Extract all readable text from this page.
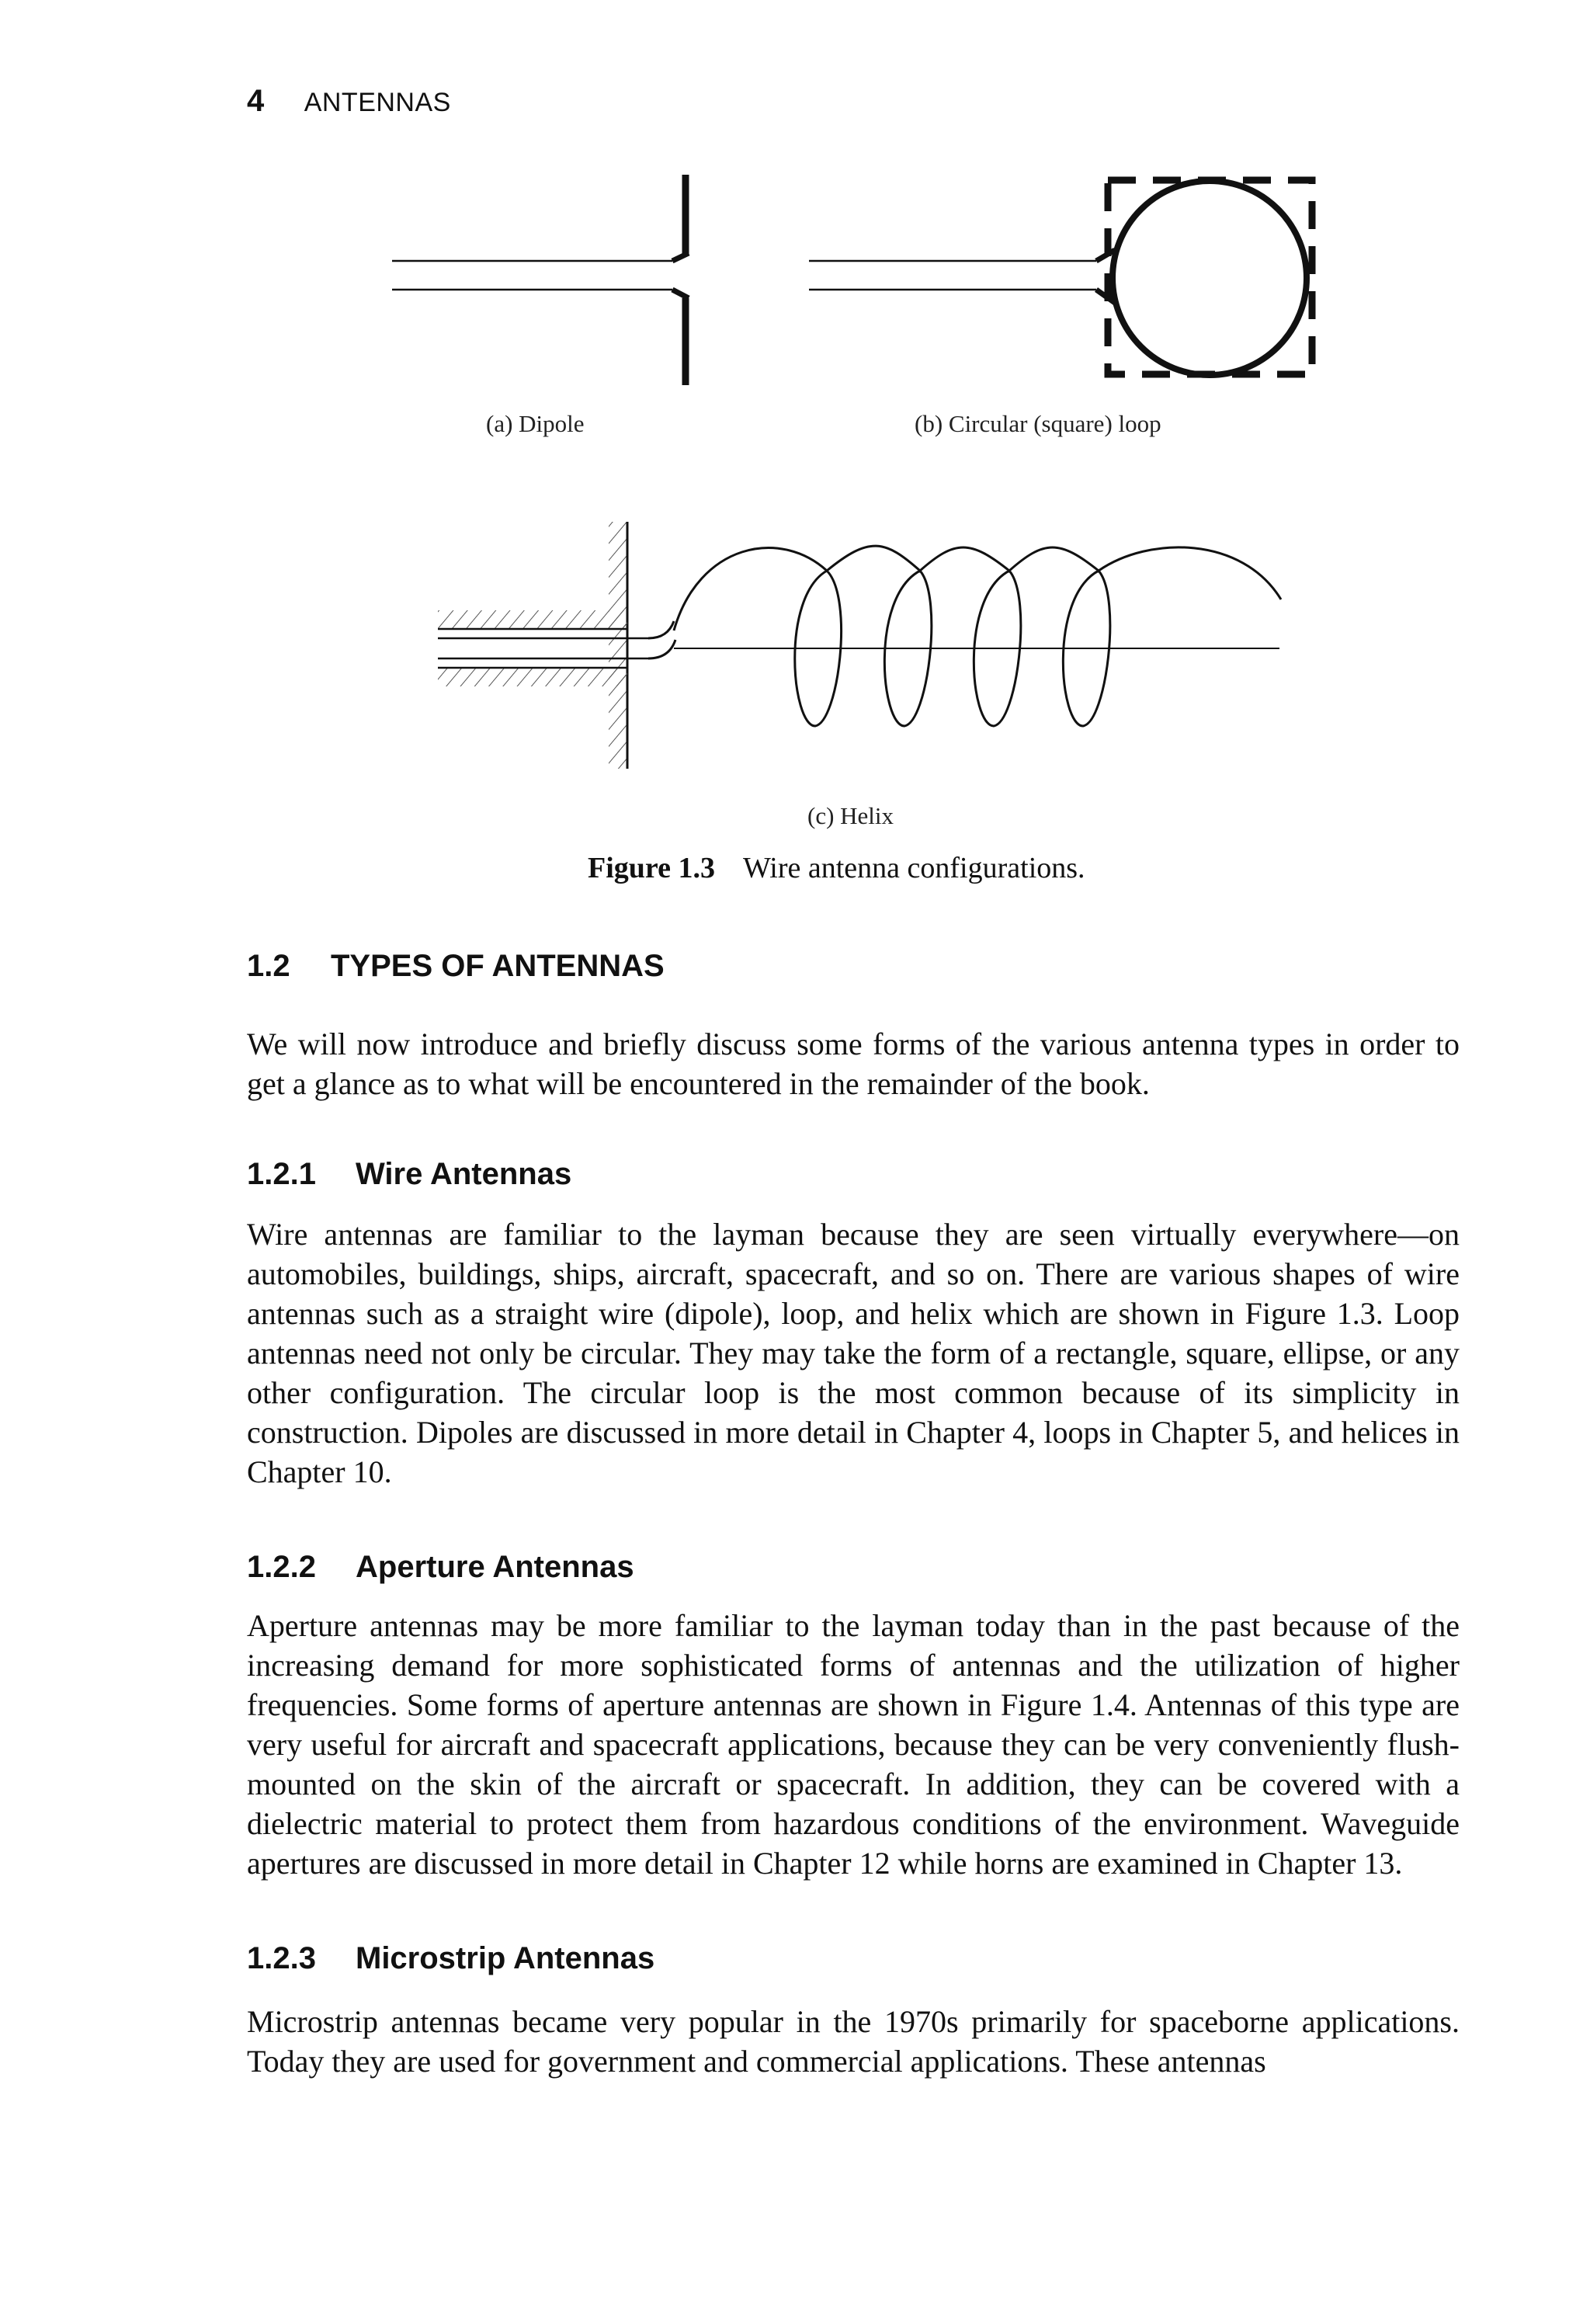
4 ANTENNAS
(a) Dipole	(b) Circular (square) loop
(c) Helix
Figure 1.3 Wire antenna configurations.
1.2 TYPES OF ANTENNAS

We will now introduce and briefly discuss some forms of the various antenna types in order to get a glance as to what will be encountered in the remainder of the book.

1.2.1 Wire Antennas

Wire antennas are familiar to the layman because they are seen virtually everywhere—on automobiles, buildings, ships, aircraft, spacecraft, and so on. There are various shapes of wire antennas such as a straight wire (dipole), loop, and helix which are shown in Figure 1.3. Loop antennas need not only be circular. They may take the form of a rectangle, square, ellipse, or any other configuration. The circular loop is the most common because of its simplicity in construction. Dipoles are discussed in more detail in Chapter 4, loops in Chapter 5, and helices in Chapter 10.

1.2.2 Aperture Antennas

Aperture antennas may be more familiar to the layman today than in the past because of the increasing demand for more sophisticated forms of antennas and the utilization of higher frequencies. Some forms of aperture antennas are shown in Figure 1.4. Antennas of this type are very useful for aircraft and spacecraft applications, because they can be very conveniently flush-mounted on the skin of the aircraft or spacecraft. In addition, they can be covered with a dielectric material to protect them from hazardous conditions of the environment. Waveguide apertures are discussed in more detail in Chapter 12 while horns are examined in Chapter 13.

1.2.3 Microstrip Antennas

Microstrip antennas became very popular in the 1970s primarily for spaceborne applications. Today they are used for government and commercial applications. These antennas
